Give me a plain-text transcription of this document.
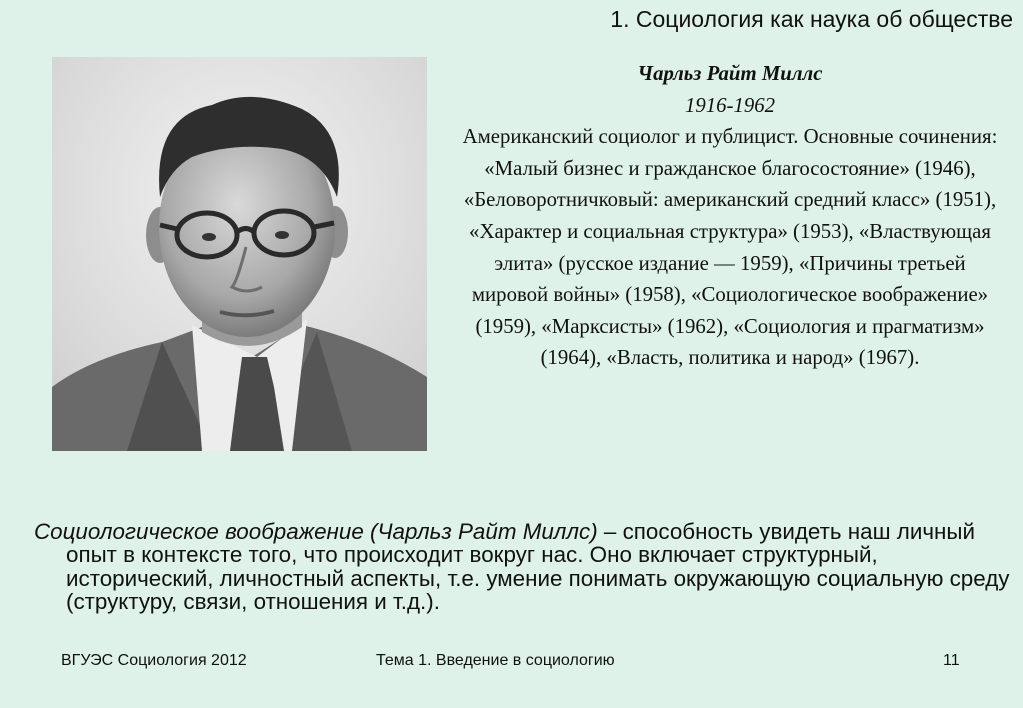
1. Социология как наука об обществе
Чарльз Райт Миллс
1916-1962
Американский социолог и публицист. Основные сочинения: «Малый бизнес и гражданское благосостояние» (1946), «Беловоротничковый: американский средний класс» (1951), «Характер и социальная структура» (1953), «Властвующая элита» (русское издание — 1959), «Причины третьей мировой войны» (1958), «Социологическое воображение» (1959), «Марксисты» (1962), «Социология и прагматизм» (1964), «Власть, политика и народ» (1967).
Социологическое воображение (Чарльз Райт Миллс) – способность увидеть наш личный опыт в контексте того, что происходит вокруг нас. Оно включает структурный, исторический, личностный аспекты, т.е. умение понимать окружающую социальную среду (структуру, связи, отношения и т.д.).
ВГУЭС Социология 2012	Тема 1. Введение в социологию	11
